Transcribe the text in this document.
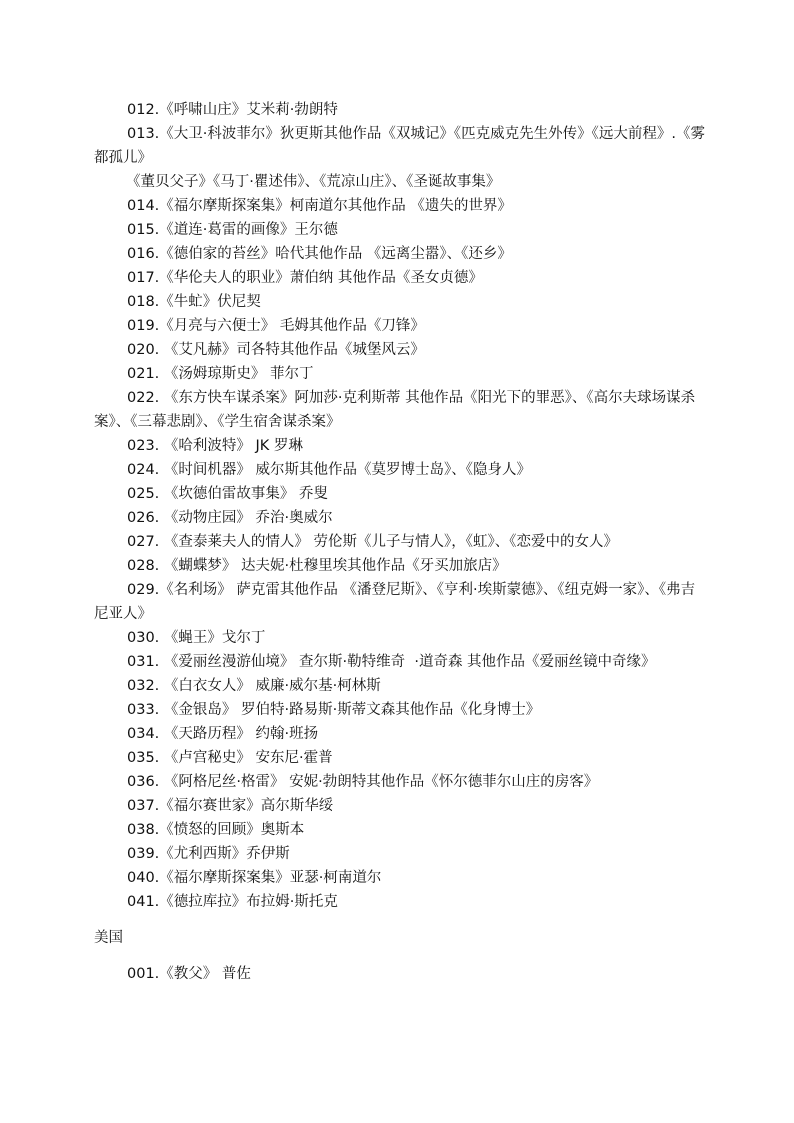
012.《呼啸山庄》艾米莉·勃朗特

013.《大卫·科波菲尔》狄更斯其他作品《双城记》《匹克威克先生外传》《远大前程》.《雾都孤儿》

《董贝父子》《马丁·瞿述伟》、《荒凉山庄》、《圣诞故事集》

014.《福尔摩斯探案集》柯南道尔其他作品 《遗失的世界》

015.《道连·葛雷的画像》王尔德

016.《德伯家的苔丝》哈代其他作品 《远离尘嚣》、《还乡》

017.《华伦夫人的职业》萧伯纳 其他作品《圣女贞德》

018.《牛虻》伏尼契

019.《月亮与六便士》 毛姆其他作品《刀锋》

020. 《艾凡赫》司各特其他作品《城堡风云》

021. 《汤姆琼斯史》 菲尔丁

022. 《东方快车谋杀案》阿加莎·克利斯蒂 其他作品《阳光下的罪恶》、《高尔夫球场谋杀案》、《三幕悲剧》、《学生宿舍谋杀案》

023. 《哈利波特》 JK 罗琳

024. 《时间机器》 威尔斯其他作品《莫罗博士岛》、《隐身人》

025. 《坎德伯雷故事集》 乔叟

026. 《动物庄园》 乔治·奥威尔

027. 《查泰莱夫人的情人》 劳伦斯《儿子与情人》，《虹》、《恋爱中的女人》

028. 《蝴蝶梦》 达夫妮·杜穆里埃其他作品《牙买加旅店》

029.《名利场》 萨克雷其他作品 《潘登尼斯》、《亨利·埃斯蒙德》、《纽克姆一家》、《弗吉尼亚人》

030. 《蝇王》戈尔丁

031. 《爱丽丝漫游仙境》 查尔斯·勒特维奇  ·道奇森 其他作品《爱丽丝镜中奇缘》

032. 《白衣女人》 威廉·威尔基·柯林斯

033. 《金银岛》 罗伯特·路易斯·斯蒂文森其他作品《化身博士》

034. 《天路历程》 约翰·班扬

035. 《卢宫秘史》 安东尼·霍普

036. 《阿格尼丝·格雷》 安妮·勃朗特其他作品《怀尔德菲尔山庄的房客》

037.《福尔赛世家》高尔斯华绥

038.《愤怒的回顾》奥斯本

039.《尤利西斯》乔伊斯

040.《福尔摩斯探案集》亚瑟·柯南道尔

041.《德拉库拉》布拉姆·斯托克

美国

001.《教父》 普佐
